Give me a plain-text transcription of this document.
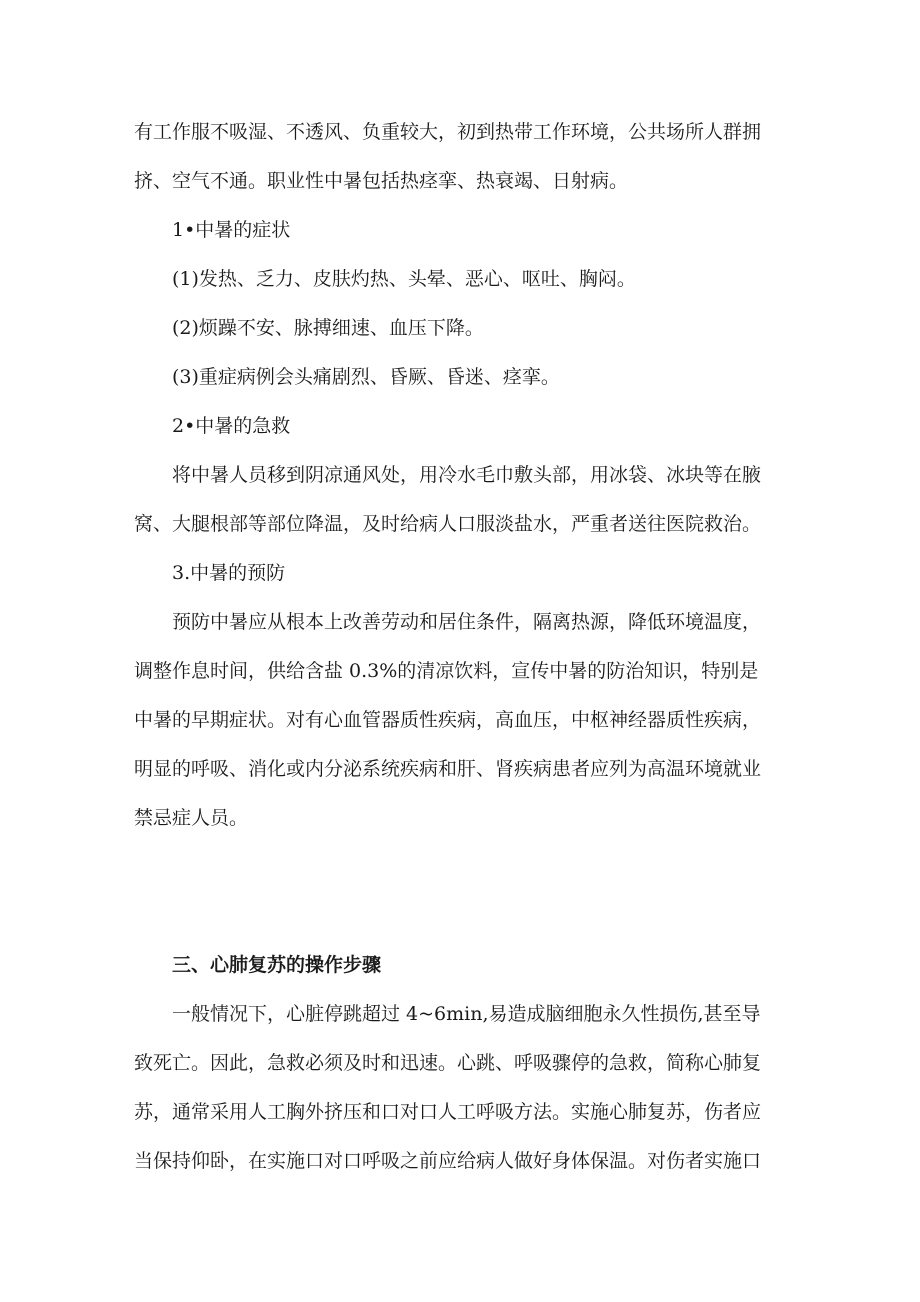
有工作服不吸湿、不透风、负重较大，初到热带工作环境，公共场所人群拥
挤、空气不通。职业性中暑包括热痉挛、热衰竭、日射病。
1•中暑的症状
(1)发热、乏力、皮肤灼热、头晕、恶心、呕吐、胸闷。
(2)烦躁不安、脉搏细速、血压下降。
(3)重症病例会头痛剧烈、昏厥、昏迷、痉挛。
2•中暑的急救
将中暑人员移到阴凉通风处，用冷水毛巾敷头部，用冰袋、冰块等在腋
窝、大腿根部等部位降温，及时给病人口服淡盐水，严重者送往医院救治。
3.中暑的预防
预防中暑应从根本上改善劳动和居住条件，隔离热源，降低环境温度，
调整作息时间，供给含盐 0.3%的清凉饮料，宣传中暑的防治知识，特别是
中暑的早期症状。对有心血管器质性疾病，高血压，中枢神经器质性疾病，
明显的呼吸、消化或内分泌系统疾病和肝、肾疾病患者应列为高温环境就业
禁忌症人员。
三、心肺复苏的操作步骤
一般情况下，心脏停跳超过 4~6min,易造成脑细胞永久性损伤,甚至导
致死亡。因此，急救必须及时和迅速。心跳、呼吸骤停的急救，简称心肺复
苏，通常采用人工胸外挤压和口对口人工呼吸方法。实施心肺复苏，伤者应
当保持仰卧，在实施口对口呼吸之前应给病人做好身体保温。对伤者实施口
